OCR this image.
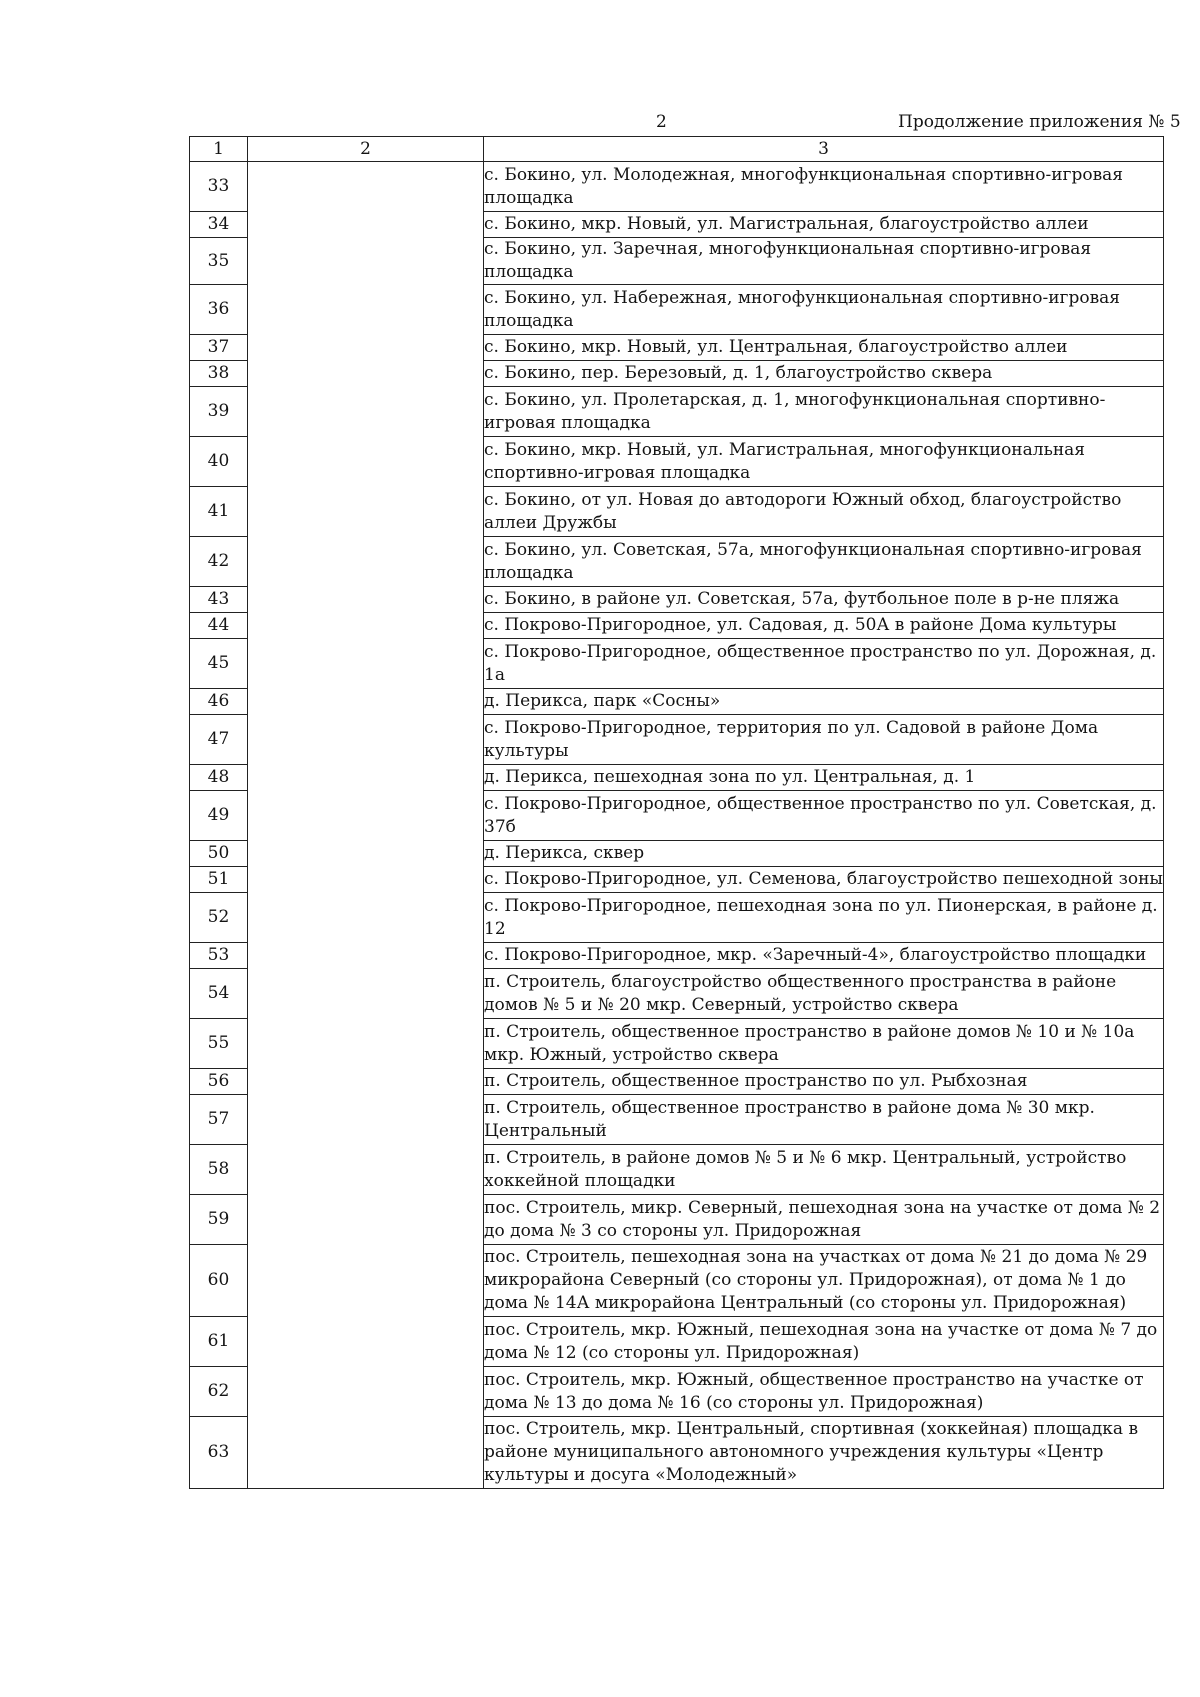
2	Продолжение приложения № 5
1	2	3
33		с. Бокино, ул. Молодежная, многофункциональная спортивно-игровая площадка
34		с. Бокино, мкр. Новый, ул. Магистральная, благоустройство аллеи
35		с. Бокино, ул. Заречная, многофункциональная спортивно-игровая площадка
36		с. Бокино, ул. Набережная, многофункциональная спортивно-игровая площадка
37		с. Бокино, мкр. Новый, ул. Центральная, благоустройство аллеи
38		с. Бокино, пер. Березовый, д. 1, благоустройство сквера
39		с. Бокино, ул. Пролетарская, д. 1, многофункциональная спортивно-игровая площадка
40		с. Бокино, мкр. Новый, ул. Магистральная, многофункциональная спортивно-игровая площадка
41		с. Бокино, от ул. Новая до автодороги Южный обход, благоустройство аллеи Дружбы
42		с. Бокино, ул. Советская, 57а, многофункциональная спортивно-игровая площадка
43		с. Бокино, в районе ул. Советская, 57а, футбольное поле в р-не пляжа
44		с. Покрово-Пригородное, ул. Садовая, д. 50А в районе Дома культуры
45		с. Покрово-Пригородное, общественное пространство по ул. Дорожная, д. 1а
46		д. Перикса, парк «Сосны»
47		с. Покрово-Пригородное, территория по ул. Садовой в районе Дома культуры
48		д. Перикса, пешеходная зона по ул. Центральная, д. 1
49		с. Покрово-Пригородное, общественное пространство по ул. Советская, д. 37б
50		д. Перикса, сквер
51		с. Покрово-Пригородное, ул. Семенова, благоустройство пешеходной зоны
52		с. Покрово-Пригородное, пешеходная зона по ул. Пионерская, в районе д. 12
53		с. Покрово-Пригородное, мкр. «Заречный-4», благоустройство площадки
54		п. Строитель, благоустройство общественного пространства в районе домов № 5 и № 20 мкр. Северный, устройство сквера
55		п. Строитель, общественное пространство в районе домов № 10 и № 10а мкр. Южный, устройство сквера
56		п. Строитель, общественное пространство по ул. Рыбхозная
57		п. Строитель, общественное пространство в районе дома № 30 мкр. Центральный
58		п. Строитель, в районе домов № 5 и № 6 мкр. Центральный, устройство хоккейной площадки
59		пос. Строитель, микр. Северный, пешеходная зона на участке от дома № 2 до дома № 3 со стороны ул. Придорожная
60		пос. Строитель, пешеходная зона на участках от дома № 21 до дома № 29 микрорайона Северный (со стороны ул. Придорожная), от дома № 1 до дома № 14А микрорайона Центральный (со стороны ул. Придорожная)
61		пос. Строитель, мкр. Южный, пешеходная зона на участке от дома № 7 до дома № 12 (со стороны ул. Придорожная)
62		пос. Строитель, мкр. Южный, общественное пространство на участке от дома № 13 до дома № 16 (со стороны ул. Придорожная)
63		пос. Строитель, мкр. Центральный, спортивная (хоккейная) площадка в районе муниципального автономного учреждения культуры «Центр культуры и досуга «Молодежный»
